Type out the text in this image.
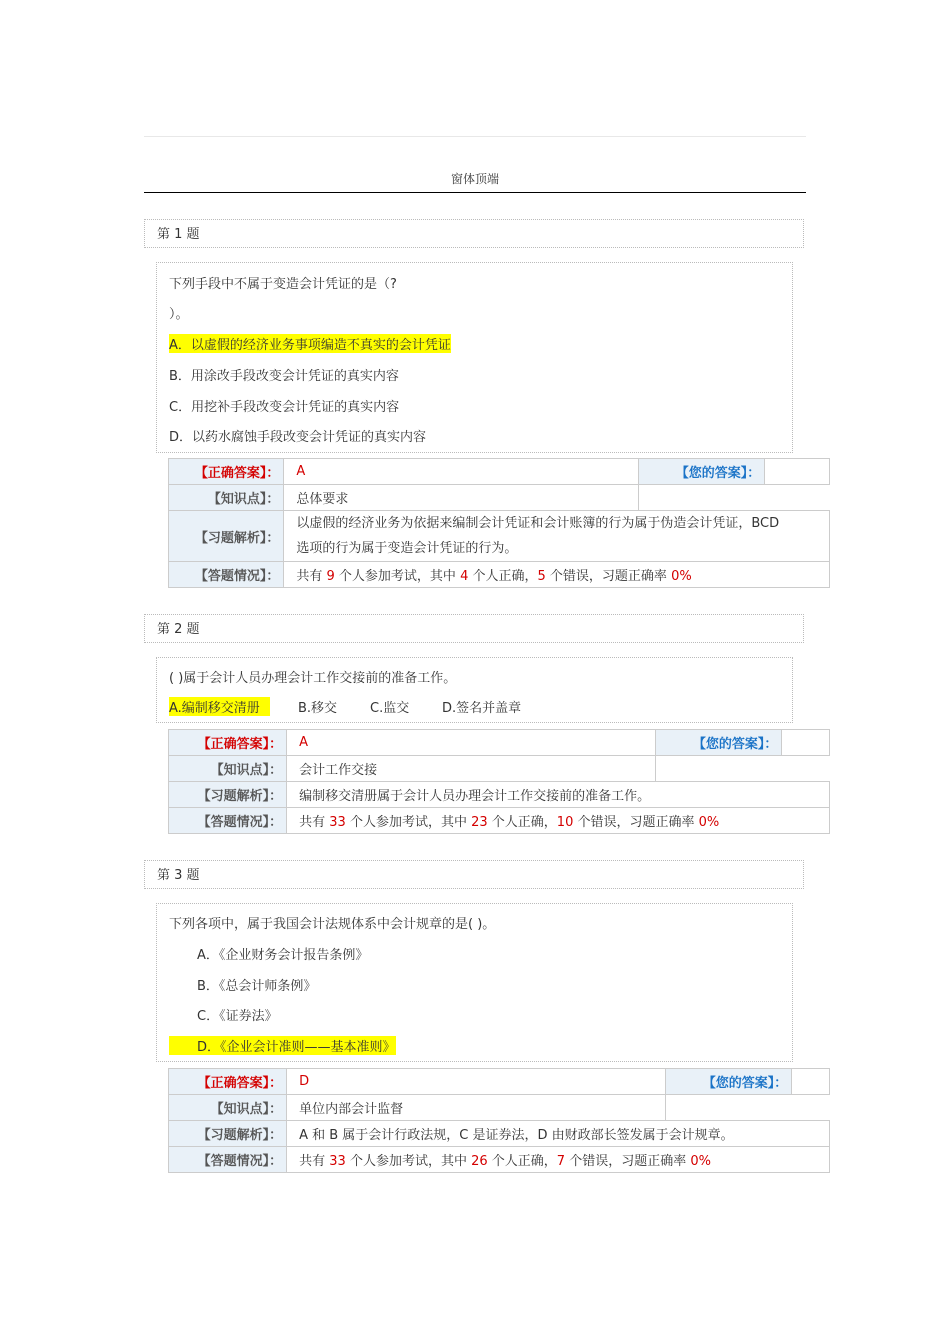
窗体顶端
第 1 题
下列手段中不属于变造会计凭证的是（?
）。
A．以虚假的经济业务事项编造不真实的会计凭证
B．用涂改手段改变会计凭证的真实内容
C．用挖补手段改变会计凭证的真实内容
D．以药水腐蚀手段改变会计凭证的真实内容
【正确答案】：	A	【您的答案】：	
【知识点】：	总体要求		
【习题解析】：	以虚假的经济业务为依据来编制会计凭证和会计账簿的行为属于伪造会计凭证，BCD
选项的行为属于变造会计凭证的行为。		

【答题情况】：	共有 9 个人参加考试，其中 4 个人正确，5 个错误，习题正确率 0%		
第 2 题
( )属于会计人员办理会计工作交接前的准备工作。
A.编制移交清册	B.移交	C.监交	D.签名并盖章
【正确答案】：	A	【您的答案】：	
【知识点】：	会计工作交接		
【习题解析】：	编制移交清册属于会计人员办理会计工作交接前的准备工作。		
【答题情况】：	共有 33 个人参加考试，其中 23 个人正确，10 个错误，习题正确率 0%		
第 3 题
下列各项中，属于我国会计法规体系中会计规章的是( )。
A．《企业财务会计报告条例》
B．《总会计师条例》
C．《证券法》
D．《企业会计准则——基本准则》
【正确答案】：	D	【您的答案】：	
【知识点】：	单位内部会计监督		
【习题解析】：	A 和 B 属于会计行政法规，C 是证券法，D 由财政部长签发属于会计规章。		
【答题情况】：	共有 33 个人参加考试，其中 26 个人正确，7 个错误，习题正确率 0%		
